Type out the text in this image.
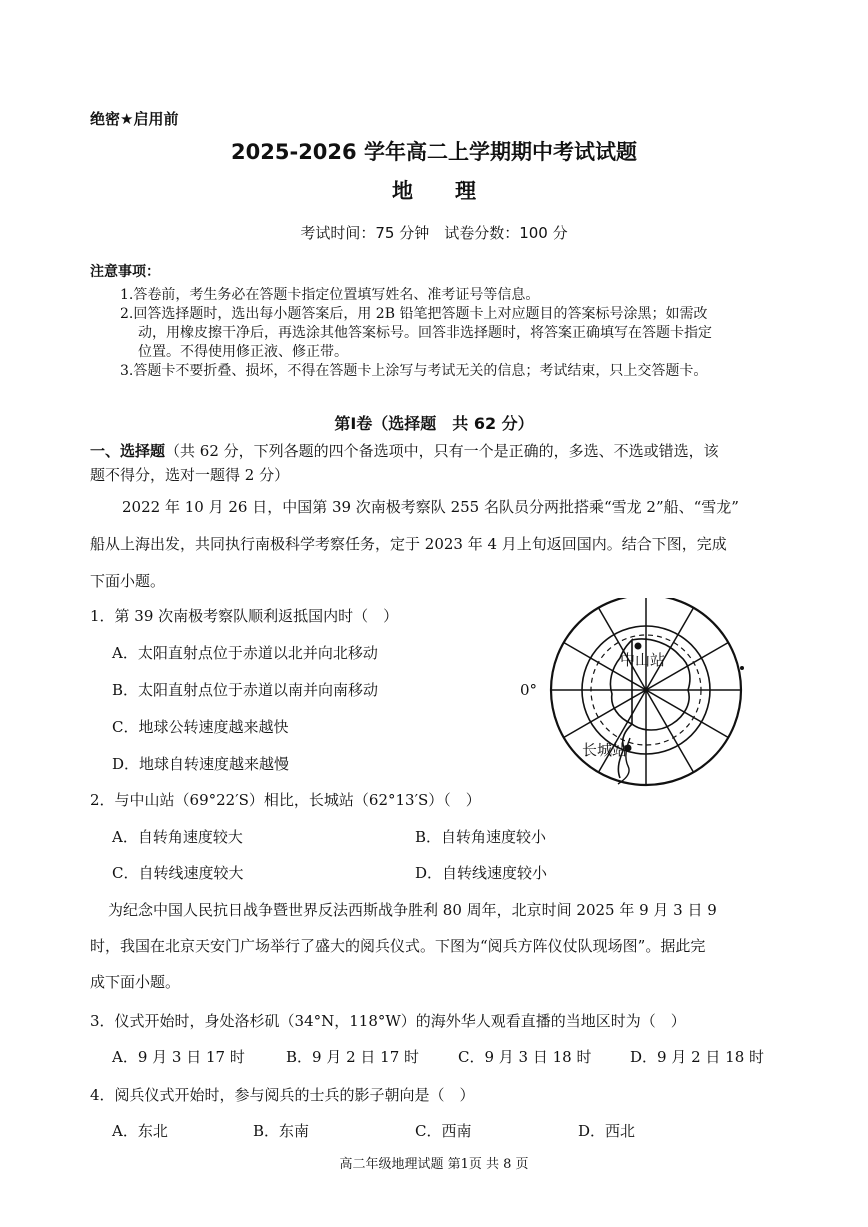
绝密★启用前
2025-2026 学年高二上学期期中考试试题
地　　理
考试时间：75 分钟　试卷分数：100 分
注意事项：
1.答卷前，考生务必在答题卡指定位置填写姓名、准考证号等信息。
2.回答选择题时，选出每小题答案后，用 2B 铅笔把答题卡上对应题目的答案标号涂黑；如需改
动，用橡皮擦干净后，再选涂其他答案标号。回答非选择题时，将答案正确填写在答题卡指定
位置。不得使用修正液、修正带。
3.答题卡不要折叠、损坏，不得在答题卡上涂写与考试无关的信息；考试结束，只上交答题卡。
第Ⅰ卷（选择题　共 62 分）
一、选择题（共 62 分，下列各题的四个备选项中，只有一个是正确的，多选、不选或错选，该
题不得分，选对一题得 2 分）
2022 年 10 月 26 日，中国第 39 次南极考察队 255 名队员分两批搭乘“雪龙 2”船、“雪龙”
船从上海出发，共同执行南极科学考察任务，定于 2023 年 4 月上旬返回国内。结合下图，完成
下面小题。
1．第 39 次南极考察队顺利返抵国内时（　）
A．太阳直射点位于赤道以北并向北移动
B．太阳直射点位于赤道以南并向南移动
C．地球公转速度越来越快
D．地球自转速度越来越慢
0°
中山站
长城站
2．与中山站（69°22′S）相比，长城站（62°13′S）（　）
A．自转角速度较大	B．自转角速度较小
C．自转线速度较大	D．自转线速度较小
为纪念中国人民抗日战争暨世界反法西斯战争胜利 80 周年，北京时间 2025 年 9 月 3 日 9
时，我国在北京天安门广场举行了盛大的阅兵仪式。下图为“阅兵方阵仪仗队现场图”。据此完
成下面小题。
3．仪式开始时，身处洛杉矶（34°N，118°W）的海外华人观看直播的当地区时为（　）
A．9 月 3 日 17 时	B．9 月 2 日 17 时	C．9 月 3 日 18 时	D．9 月 2 日 18 时
4．阅兵仪式开始时，参与阅兵的士兵的影子朝向是（　）
A．东北	B．东南	C．西南	D．西北
高二年级地理试题 第1页 共 8 页
